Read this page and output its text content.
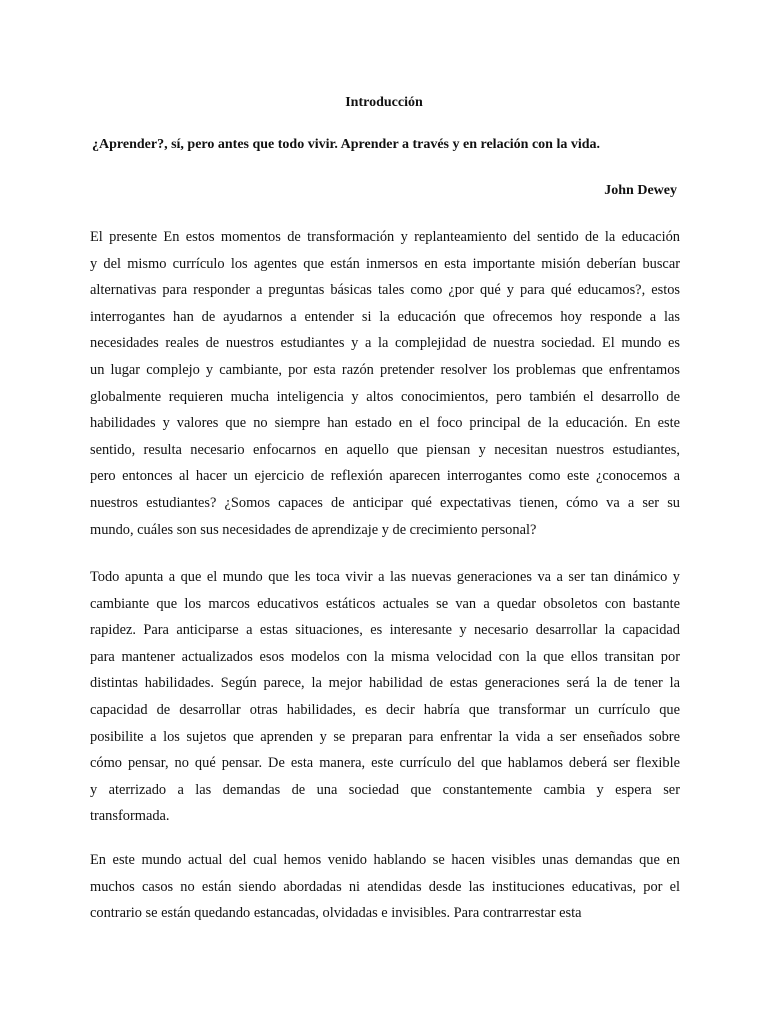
Introducción
¿Aprender?, sí, pero antes que todo vivir. Aprender a través y en relación con la vida.
John Dewey
El presente En estos momentos de transformación y replanteamiento del sentido de la educación
y del mismo currículo los agentes que están inmersos en esta importante misión deberían buscar
alternativas para responder a preguntas básicas tales como ¿por qué y para qué educamos?, estos
interrogantes han de ayudarnos a entender si la educación que ofrecemos hoy responde a las
necesidades reales de nuestros estudiantes y a la complejidad de nuestra sociedad. El mundo es
un lugar complejo y cambiante, por esta razón pretender resolver los problemas que enfrentamos
globalmente requieren mucha inteligencia y altos conocimientos, pero también el desarrollo de
habilidades y valores que no siempre han estado en el foco principal de la educación. En este
sentido, resulta necesario enfocarnos en aquello que piensan y necesitan nuestros estudiantes,
pero entonces al hacer un ejercicio de reflexión aparecen interrogantes como este ¿conocemos a
nuestros estudiantes? ¿Somos capaces de anticipar qué expectativas tienen, cómo va a ser su
mundo, cuáles son sus necesidades de aprendizaje y de crecimiento personal?
Todo apunta a que el mundo que les toca vivir a las nuevas generaciones va a ser tan dinámico y
cambiante que los marcos educativos estáticos actuales se van a quedar obsoletos con bastante
rapidez. Para anticiparse a estas situaciones, es interesante y necesario desarrollar la capacidad
para mantener actualizados esos modelos con la misma velocidad con la que ellos transitan por
distintas habilidades. Según parece, la mejor habilidad de estas generaciones será la de tener la
capacidad de desarrollar otras habilidades, es decir habría que transformar un currículo que
posibilite a los sujetos que aprenden y se preparan para enfrentar la vida a ser enseñados sobre
cómo pensar, no qué pensar. De esta manera, este currículo del que hablamos deberá ser flexible
y aterrizado a las demandas de una sociedad que constantemente cambia y espera ser
transformada.
En este mundo actual del cual hemos venido hablando se hacen visibles unas demandas que en
muchos casos no están siendo abordadas ni atendidas desde las instituciones educativas, por el
contrario se están quedando estancadas, olvidadas e invisibles. Para contrarrestar esta
